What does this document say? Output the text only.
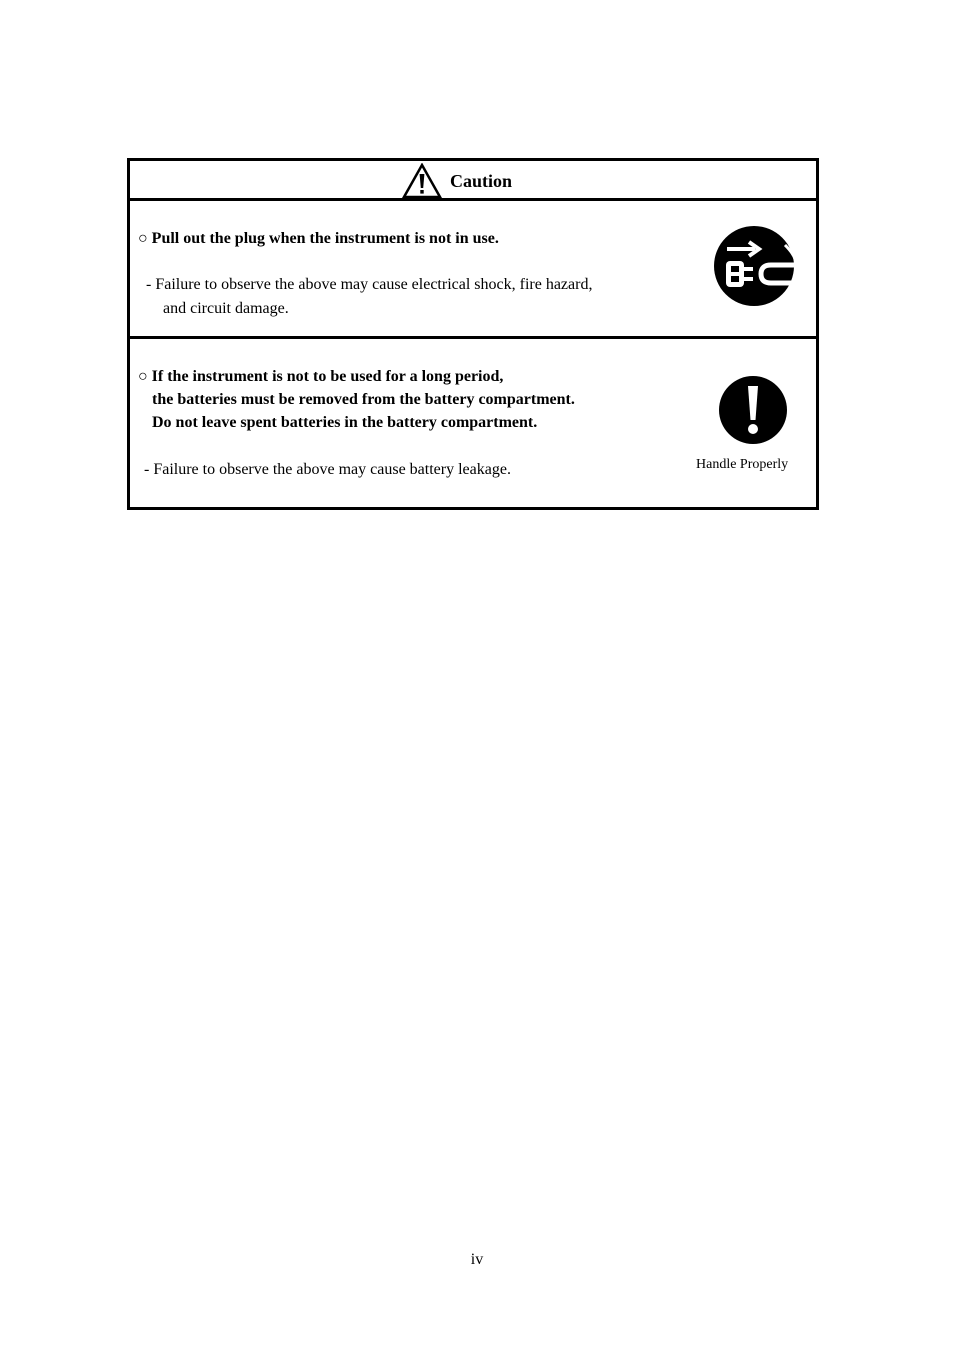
Caution
○ Pull out the plug when the instrument is not in use.
- Failure to observe the above may cause electrical shock, fire hazard,
and circuit damage.
○ If the instrument is not to be used for a long period,
the batteries must be removed from the battery compartment.
Do not leave spent batteries in the battery compartment.
- Failure to observe the above may cause battery leakage.	Handle Properly
iv
